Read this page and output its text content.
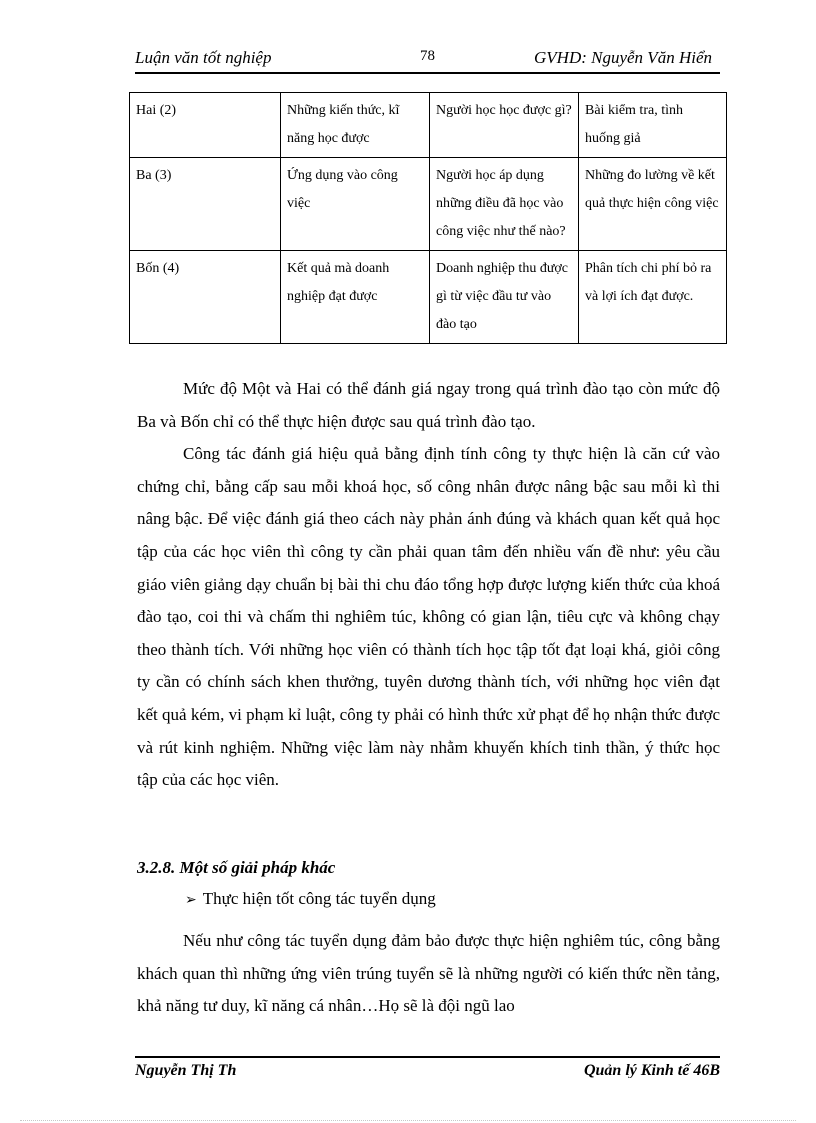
Luận văn tốt nghiệp	78	GVHD: Nguyễn Văn Hiển
Hai (2)	Những kiến thức, kĩ năng học được	Người học học được gì?	Bài kiểm tra, tình huống giả
Ba (3)	Ứng dụng vào công việc	Người học áp dụng những điều đã học vào công việc như thế nào?	Những đo lường về kết quả thực hiện công việc
Bốn (4)	Kết quả mà doanh nghiệp đạt được	Doanh nghiệp thu được gì từ việc đầu tư vào đào tạo	Phân tích chi phí bỏ ra và lợi ích đạt được.

Mức độ Một và Hai có thể đánh giá ngay trong quá trình đào tạo còn mức độ Ba và Bốn chỉ có thể thực hiện được sau quá trình đào tạo.

Công tác đánh giá hiệu quả bằng định tính công ty thực hiện là căn cứ vào chứng chỉ, bằng cấp sau mỗi khoá học, số công nhân được nâng bậc sau mỗi kì thi nâng bậc. Để việc đánh giá theo cách này phản ánh đúng và khách quan kết quả học tập của các học viên thì công ty cần phải quan tâm đến nhiều vấn đề như: yêu cầu giáo viên giảng dạy chuẩn bị bài thi chu đáo tổng hợp được lượng kiến thức của khoá đào tạo, coi thi và chấm thi nghiêm túc, không có gian lận, tiêu cực và không chạy theo thành tích. Với những học viên có thành tích học tập tốt đạt loại khá, giỏi công ty cần có chính sách khen thưởng, tuyên dương thành tích, với những học viên đạt kết quả kém, vi phạm kỉ luật, công ty phải có hình thức xử phạt để họ nhận thức được và rút kinh nghiệm. Những việc làm này nhằm khuyến khích tinh thần, ý thức học tập của các học viên.

3.2.8. Một số giải pháp khác
➢ Thực hiện tốt công tác tuyển dụng

Nếu như công tác tuyển dụng đảm bảo được thực hiện nghiêm túc, công bằng khách quan thì những ứng viên trúng tuyển sẽ là những người có kiến thức nền tảng, khả năng tư duy, kĩ năng cá nhân…Họ sẽ là đội ngũ lao

Nguyễn Thị Th	Quản lý Kinh tế 46B
